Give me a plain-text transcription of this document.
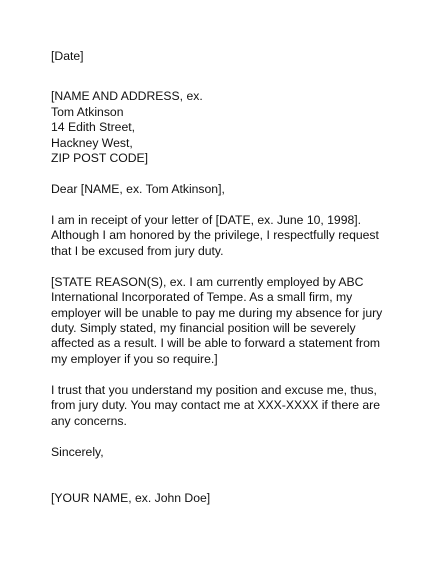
[Date]
[NAME AND ADDRESS, ex.
Tom Atkinson
14 Edith Street,
Hackney West,
ZIP POST CODE]
Dear [NAME, ex. Tom Atkinson],
I am in receipt of your letter of [DATE, ex. June 10, 1998].
Although I am honored by the privilege, I respectfully request
that I be excused from jury duty.
[STATE REASON(S), ex. I am currently employed by ABC
International Incorporated of Tempe. As a small firm, my
employer will be unable to pay me during my absence for jury
duty. Simply stated, my financial position will be severely
affected as a result. I will be able to forward a statement from
my employer if you so require.]
I trust that you understand my position and excuse me, thus,
from jury duty. You may contact me at XXX-XXXX if there are
any concerns.
Sincerely,
[YOUR NAME, ex. John Doe]
